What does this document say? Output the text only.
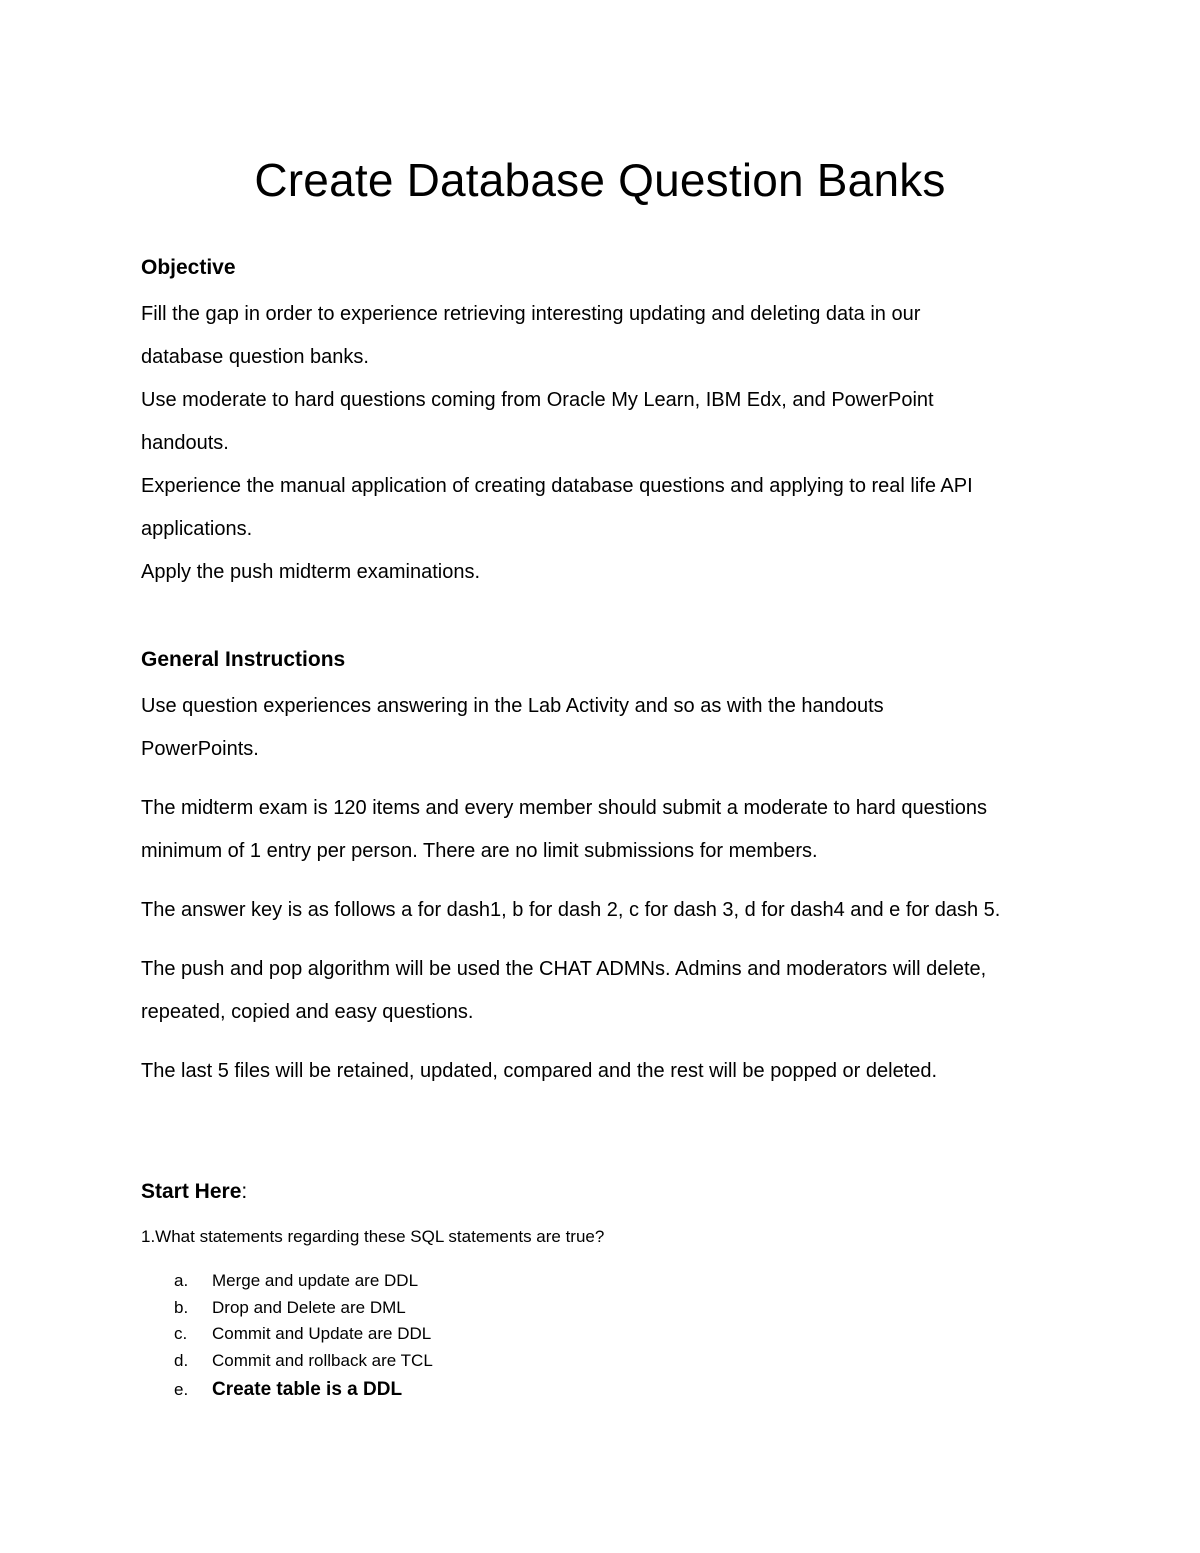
Create Database Question Banks
Objective

Fill the gap in order to experience retrieving interesting updating and deleting data in our

database question banks.

Use moderate to hard questions coming from Oracle My Learn, IBM Edx, and PowerPoint

handouts.

Experience the manual application of creating database questions and applying to real life API

applications.

Apply the push midterm examinations.

General Instructions

Use question experiences answering in the Lab Activity and so as with the handouts

PowerPoints.

The midterm exam is 120 items and every member should submit a moderate to hard questions

minimum of 1 entry per person. There are no limit submissions for members.

The answer key is as follows a for dash1, b for dash 2, c for dash 3, d for dash4 and e for dash 5.

The push and pop algorithm will be used the CHAT ADMNs. Admins and moderators will delete,

repeated, copied and easy questions.

The last 5 files will be retained, updated, compared and the rest will be popped or deleted.

Start Here:

1.What statements regarding these SQL statements are true?

a. Merge and update are DDL
b. Drop and Delete are DML
c. Commit and Update are DDL
d. Commit and rollback are TCL
e. Create table is a DDL
